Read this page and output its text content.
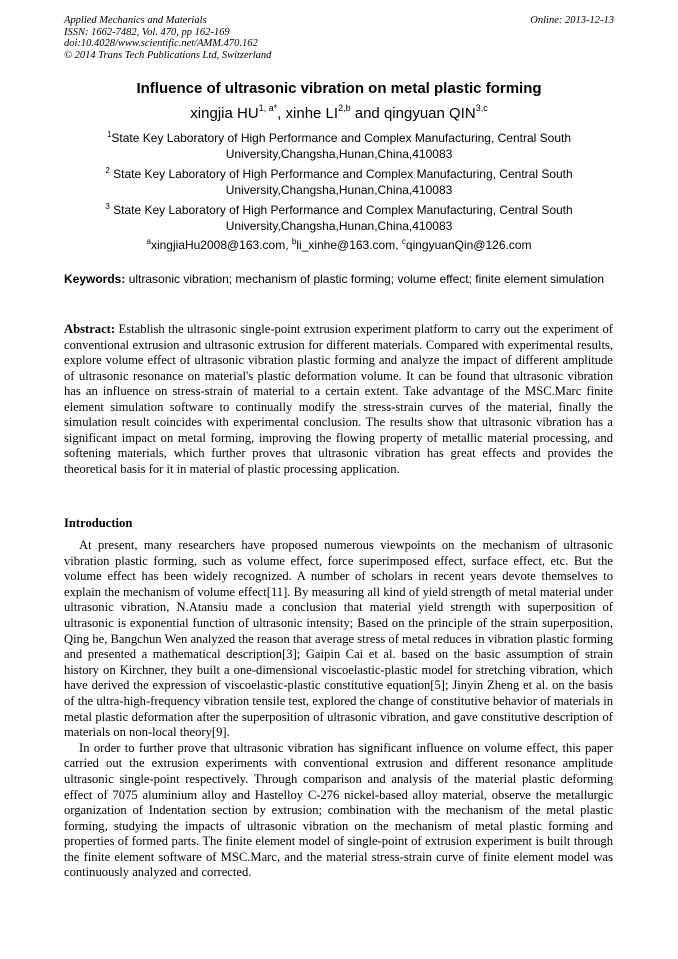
Applied Mechanics and Materials
ISSN: 1662-7482, Vol. 470, pp 162-169
doi:10.4028/www.scientific.net/AMM.470.162
© 2014 Trans Tech Publications Ltd, Switzerland
Online: 2013-12-13
Influence of ultrasonic vibration on metal plastic forming
xingjia $HU^{1, a*}$, xinhe LI$^{2,b}$ and qingyuan QIN$^{3,c}$
$^1$State Key Laboratory of High Performance and Complex Manufacturing, Central South University,Changsha,Hunan,China,410083
$^2$ State Key Laboratory of High Performance and Complex Manufacturing, Central South University,Changsha,Hunan,China,410083
$^3$ State Key Laboratory of High Performance and Complex Manufacturing, Central South University,Changsha,Hunan,China,410083
$^a$xingjiaHu2008@163.com, $^b$li_xinhe@163.com, $^c$qingyuanQin@126.com
Keywords: ultrasonic vibration; mechanism of plastic forming; volume effect; finite element simulation
Abstract: Establish the ultrasonic single-point extrusion experiment platform to carry out the experiment of conventional extrusion and ultrasonic extrusion for different materials. Compared with experimental results, explore volume effect of ultrasonic vibration plastic forming and analyze the impact of different amplitude of ultrasonic resonance on material's plastic deformation volume. It can be found that ultrasonic vibration has an influence on stress-strain of material to a certain extent. Take advantage of the MSC.Marc finite element simulation software to continually modify the stress-strain curves of the material, finally the simulation result coincides with experimental conclusion. The results show that ultrasonic vibration has a significant impact on metal forming, improving the flowing property of metallic material processing, and softening materials, which further proves that ultrasonic vibration has great effects and provides the theoretical basis for it in material of plastic processing application.
Introduction

At present, many researchers have proposed numerous viewpoints on the mechanism of ultrasonic vibration plastic forming, such as volume effect, force superimposed effect, surface effect, etc. But the volume effect has been widely recognized. A number of scholars in recent years devote themselves to explain the mechanism of volume effect[11]. By measuring all kind of yield strength of metal material under ultrasonic vibration, N.Atansiu made a conclusion that material yield strength with superposition of ultrasonic is exponential function of ultrasonic intensity; Based on the principle of the strain superposition, Qing he, Bangchun Wen analyzed the reason that average stress of metal reduces in vibration plastic forming and presented a mathematical description[3]; Gaipin Cai et al. based on the basic assumption of strain history on Kirchner, they built a one-dimensional viscoelastic-plastic model for stretching vibration, which have derived the expression of viscoelastic-plastic constitutive equation[5]; Jinyin Zheng et al. on the basis of the ultra-high-frequency vibration tensile test, explored the change of constitutive behavior of materials in metal plastic deformation after the superposition of ultrasonic vibration, and gave constitutive description of materials on non-local theory[9].

In order to further prove that ultrasonic vibration has significant influence on volume effect, this paper carried out the extrusion experiments with conventional extrusion and different resonance amplitude ultrasonic single-point respectively. Through comparison and analysis of the material plastic deforming effect of 7075 aluminium alloy and Hastelloy C-276 nickel-based alloy material, observe the metallurgic organization of Indentation section by extrusion; combination with the mechanism of the metal plastic forming, studying the impacts of ultrasonic vibration on the mechanism of metal plastic forming and properties of formed parts. The finite element model of single-point of extrusion experiment is built through the finite element software of MSC.Marc, and the material stress-strain curve of finite element model was continuously analyzed and corrected.
